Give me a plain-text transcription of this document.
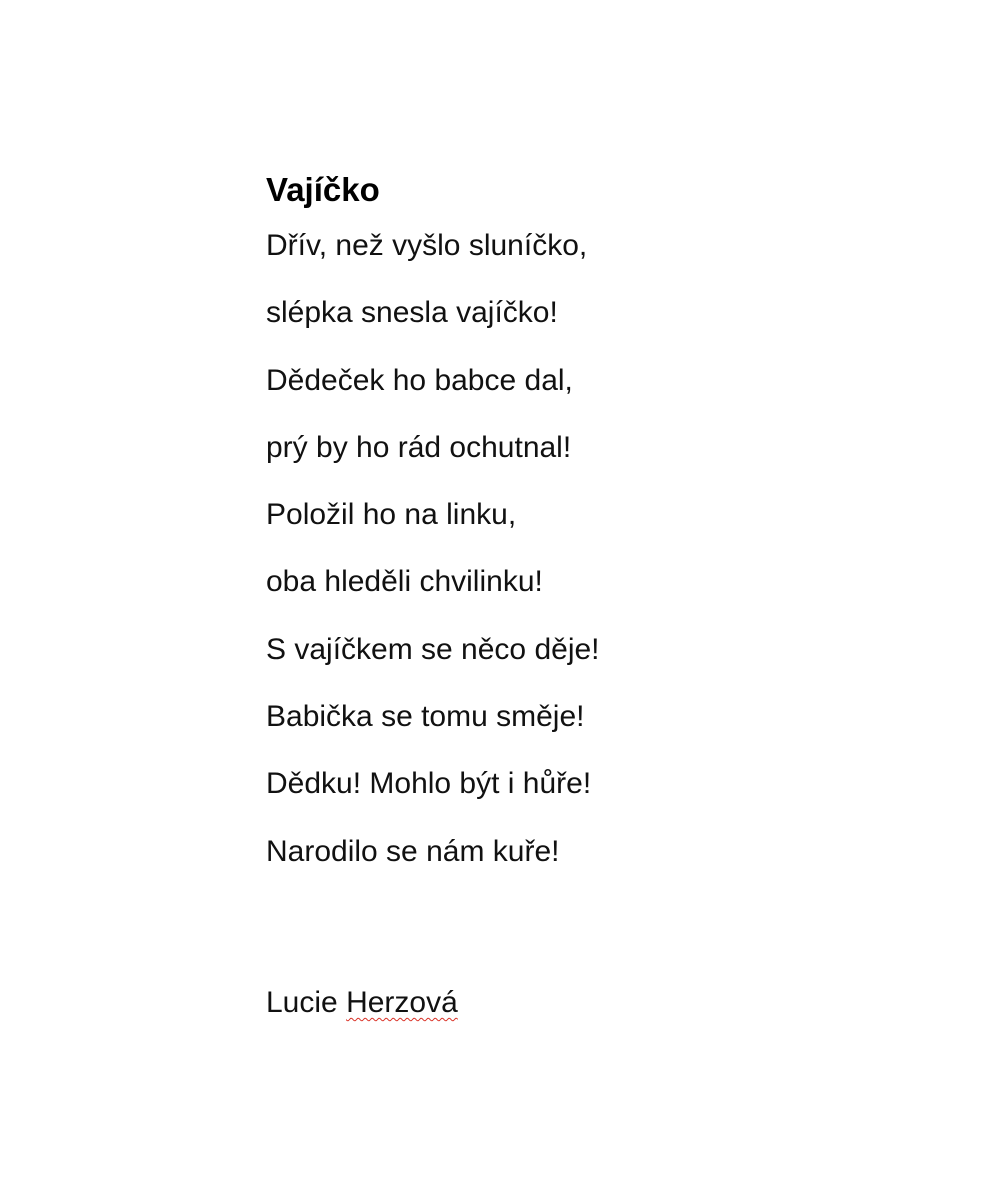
Vajíčko
Dřív, než vyšlo sluníčko,
slépka snesla vajíčko!
Dědeček ho babce dal,
prý by ho rád ochutnal!
Položil ho na linku,
oba hleděli chvilinku!
S vajíčkem se něco děje!
Babička se tomu směje!
Dědku! Mohlo být i hůře!
Narodilo se nám kuře!
Lucie Herzová
